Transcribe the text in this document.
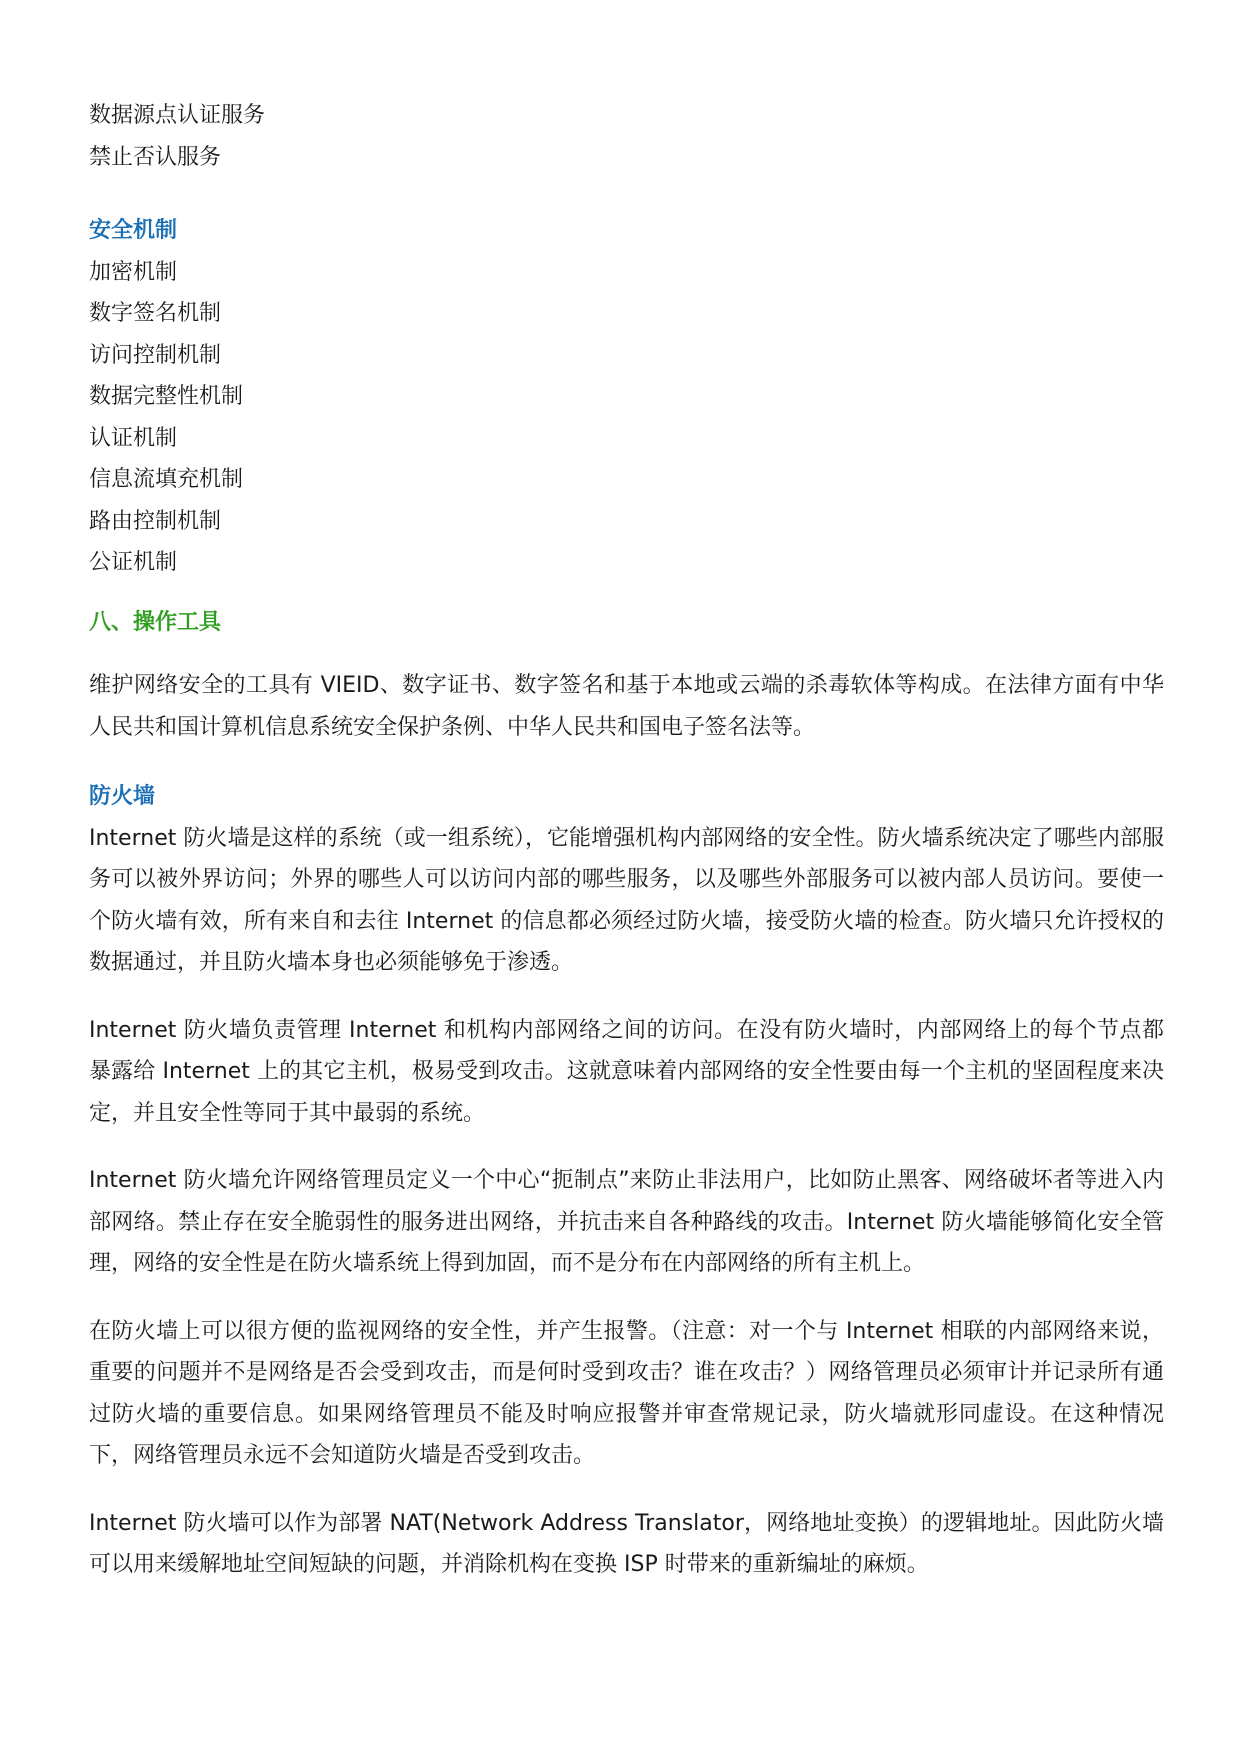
数据源点认证服务
禁止否认服务
安全机制
加密机制
数字签名机制
访问控制机制
数据完整性机制
认证机制
信息流填充机制
路由控制机制
公证机制
八、操作工具
维护网络安全的工具有 VIEID、数字证书、数字签名和基于本地或云端的杀毒软体等构成。在法律方面有中华人民共和国计算机信息系统安全保护条例、中华人民共和国电子签名法等。
防火墙
Internet 防火墙是这样的系统（或一组系统），它能增强机构内部网络的安全性。防火墙系统决定了哪些内部服务可以被外界访问；外界的哪些人可以访问内部的哪些服务，以及哪些外部服务可以被内部人员访问。要使一个防火墙有效，所有来自和去往 Internet 的信息都必须经过防火墙，接受防火墙的检查。防火墙只允许授权的数据通过，并且防火墙本身也必须能够免于渗透。
Internet 防火墙负责管理 Internet 和机构内部网络之间的访问。在没有防火墙时，内部网络上的每个节点都暴露给 Internet 上的其它主机，极易受到攻击。这就意味着内部网络的安全性要由每一个主机的坚固程度来决定，并且安全性等同于其中最弱的系统。
Internet 防火墙允许网络管理员定义一个中心“扼制点”来防止非法用户，比如防止黑客、网络破坏者等进入内部网络。禁止存在安全脆弱性的服务进出网络，并抗击来自各种路线的攻击。Internet 防火墙能够简化安全管理，网络的安全性是在防火墙系统上得到加固，而不是分布在内部网络的所有主机上。
在防火墙上可以很方便的监视网络的安全性，并产生报警。（注意：对一个与 Internet 相联的内部网络来说，重要的问题并不是网络是否会受到攻击，而是何时受到攻击？谁在攻击？）网络管理员必须审计并记录所有通过防火墙的重要信息。如果网络管理员不能及时响应报警并审查常规记录，防火墙就形同虚设。在这种情况下，网络管理员永远不会知道防火墙是否受到攻击。
Internet 防火墙可以作为部署 NAT(Network Address Translator，网络地址变换）的逻辑地址。因此防火墙可以用来缓解地址空间短缺的问题，并消除机构在变换 ISP 时带来的重新编址的麻烦。
